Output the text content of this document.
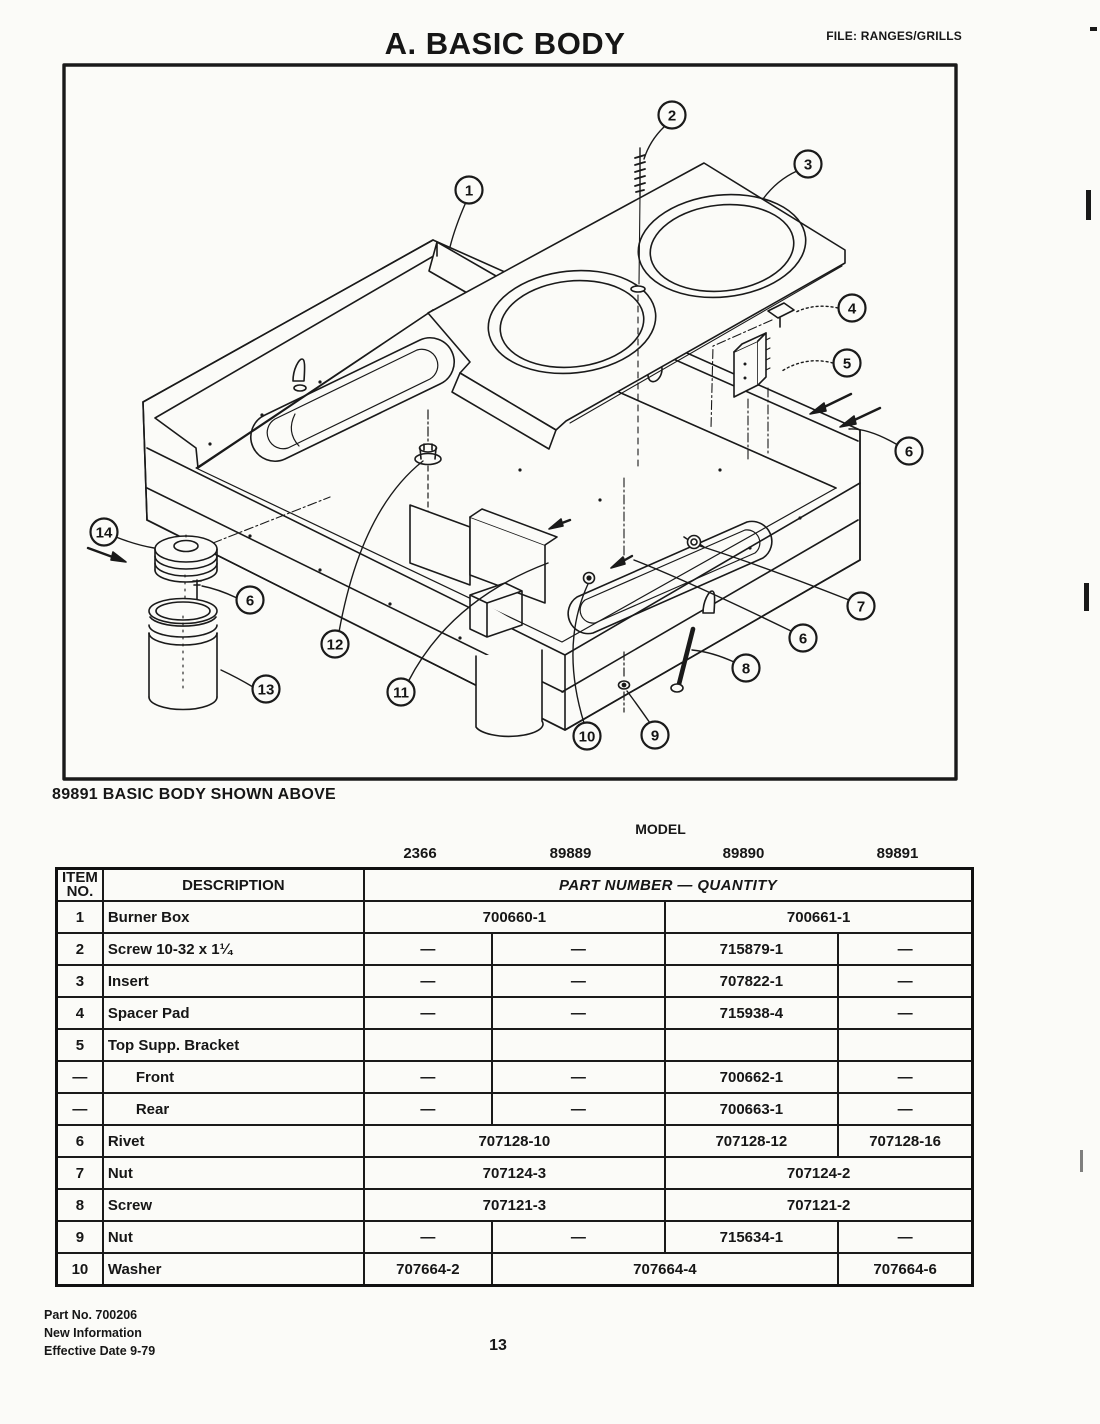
A. BASIC BODY	FILE: RANGES/GRILLS
1
2
3
4
5
6
7
6
8
9
10
11
12
13
14
6
89891 BASIC BODY SHOWN ABOVE
MODEL
2366	89889	89890	89891
ITEM
NO.	DESCRIPTION	PART NUMBER — QUANTITY			
1	Burner Box	700660-1		700661-1	
2	Screw 10-32 x 1¼	—	—	715879-1	—
3	Insert	—	—	707822-1	—
4	Spacer Pad	—	—	715938-4	—
5	Top Supp. Bracket				
—	Front	—	—	700662-1	—
—	Rear	—	—	700663-1	—
6	Rivet	707128-10		707128-12	707128-16
7	Nut	707124-3		707124-2	
8	Screw	707121-3		707121-2	
9	Nut	—	—	715634-1	—
10	Washer	707664-2	707664-4		707664-6
Part No. 700206
New Information
Effective Date 9-79	13
